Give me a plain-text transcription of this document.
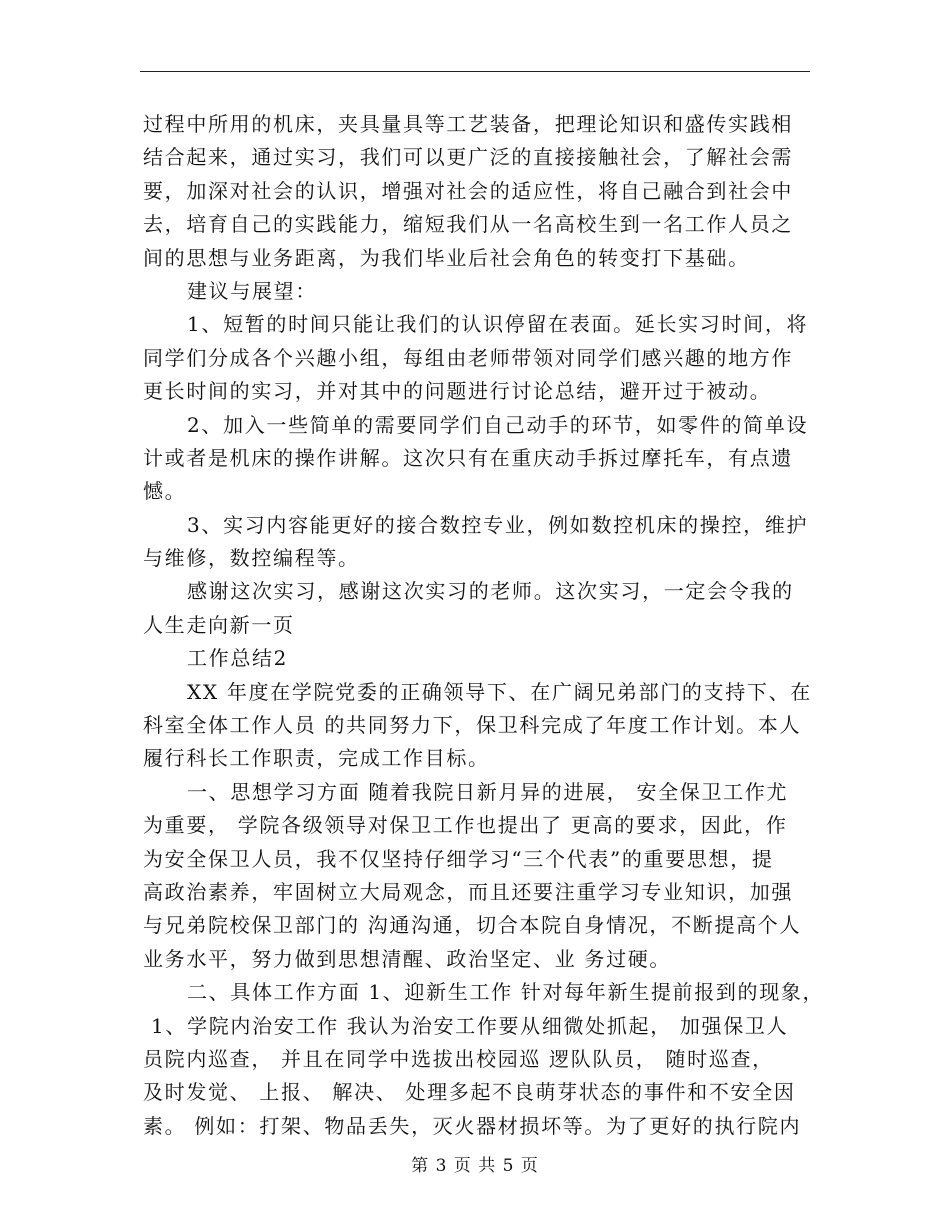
过程中所用的机床，夹具量具等工艺装备，把理论知识和盛传实践相
结合起来，通过实习，我们可以更广泛的直接接触社会，了解社会需
要，加深对社会的认识，增强对社会的适应性，将自己融合到社会中
去，培育自己的实践能力，缩短我们从一名高校生到一名工作人员之
间的思想与业务距离，为我们毕业后社会角色的转变打下基础。
建议与展望：
1、短暂的时间只能让我们的认识停留在表面。延长实习时间，将
同学们分成各个兴趣小组，每组由老师带领对同学们感兴趣的地方作
更长时间的实习，并对其中的问题进行讨论总结，避开过于被动。
2、加入一些简单的需要同学们自己动手的环节，如零件的简单设
计或者是机床的操作讲解。这次只有在重庆动手拆过摩托车，有点遗
憾。
3、实习内容能更好的接合数控专业，例如数控机床的操控，维护
与维修，数控编程等。
感谢这次实习，感谢这次实习的老师。这次实习，一定会令我的
人生走向新一页
工作总结2
XX 年度在学院党委的正确领导下、在广阔兄弟部门的支持下、在
科室全体工作人员 的共同努力下，保卫科完成了年度工作计划。本人
履行科长工作职责，完成工作目标。
一、思想学习方面 随着我院日新月异的进展， 安全保卫工作尤
为重要， 学院各级领导对保卫工作也提出了 更高的要求，因此，作
为安全保卫人员，我不仅坚持仔细学习“三个代表”的重要思想，提
高政治素养，牢固树立大局观念，而且还要注重学习专业知识，加强
与兄弟院校保卫部门的 沟通沟通，切合本院自身情况，不断提高个人
业务水平，努力做到思想清醒、政治坚定、业 务过硬。
二、具体工作方面 1、迎新生工作 针对每年新生提前报到的现象，
1、学院内治安工作 我认为治安工作要从细微处抓起， 加强保卫人
员院内巡查， 并且在同学中选拔出校园巡 逻队队员， 随时巡查，
及时发觉、 上报、 解决、 处理多起不良萌芽状态的事件和不安全因
素。 例如：打架、物品丢失，灭火器材损坏等。为了更好的执行院内
第 3 页 共 5 页
